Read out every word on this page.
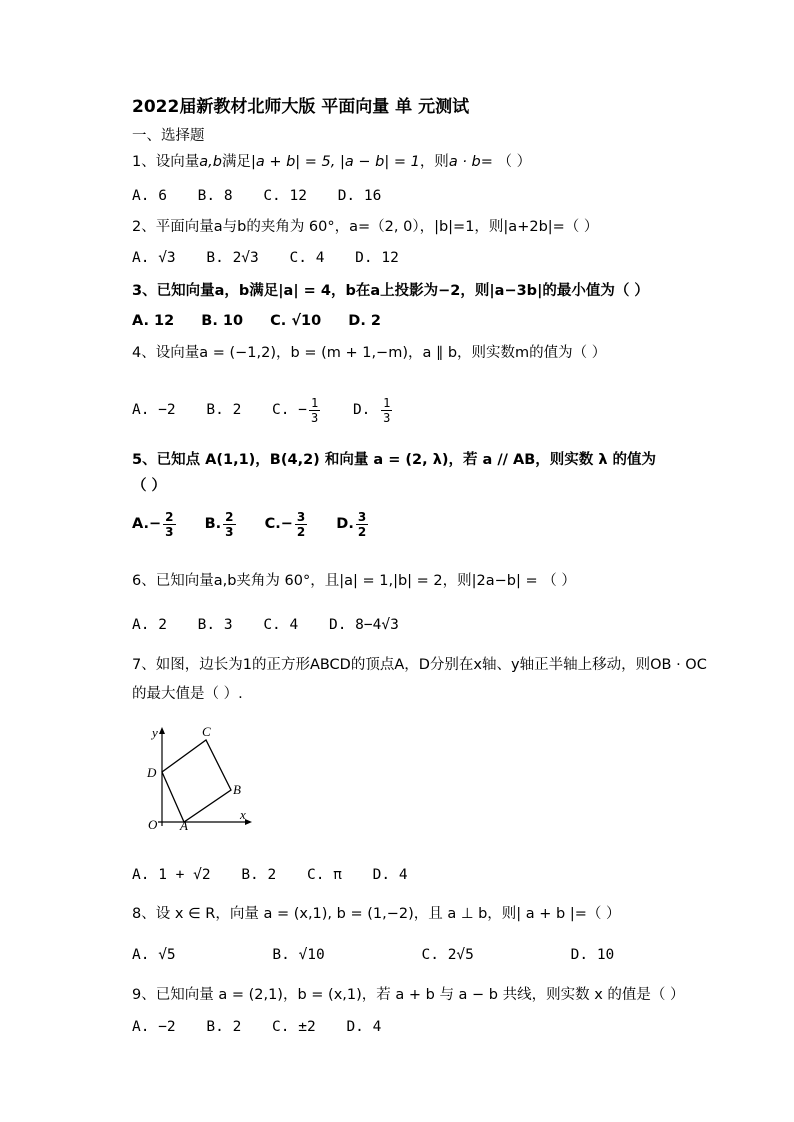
2022届新教材北师大版 平面向量 单 元测试
一、选择题
1、设向量a,b满足|a + b| = 5, |a − b| = 1，则a · b= （ ）
A. 6 B. 8 C. 12 D. 16
2、平面向量a与b的夹角为 60°，a=（2, 0），|b|=1，则|a+2b|=（ ）
A. √3 B. 2√3 C. 4 D. 12
3、已知向量a，b满足|a| = 4，b在a上投影为−2，则|a−3b|的最小值为（ ）
A. 12 B. 10 C. √10 D. 2
4、设向量a = (−1,2)，b = (m + 1,−m)，a ∥ b，则实数m的值为（ ）
A. −2 B. 2 C. − $\frac{1}{3} D$. $\frac{1}{3}$
5、已知点 A(1,1)，B(4,2) 和向量 a = (2, λ)，若 a // AB，则实数 λ 的值为
（ ）
$A.- \frac{2}{3} B$. $\frac{2}{3} C.- \frac{3}{2} D$. $\frac{3}{2}$
6、已知向量a,b夹角为 60°，且|a| = 1,|b| = 2，则|2a−b| = （ ）
A. 2 B. 3 C. 4 D. 8−4√3
7、如图，边长为1的正方形ABCD的顶点A，D分别在x轴、y轴正半轴上移动，则OB · OC
的最大值是（ ）.
y
x
O A
B
C
D
A. 1 + √2 B. 2 C. π D. 4
8、设 x ∈ R，向量 a = (x,1), b = (1,−2)，且 a ⊥ b，则| a + b |=（ ）
A. √5	B. √10	C. 2√5	D. 10
9、已知向量 a = (2,1)，b = (x,1)，若 a + b 与 a − b 共线，则实数 x 的值是（ ）
A. −2 B. 2 C. ±2 D. 4
